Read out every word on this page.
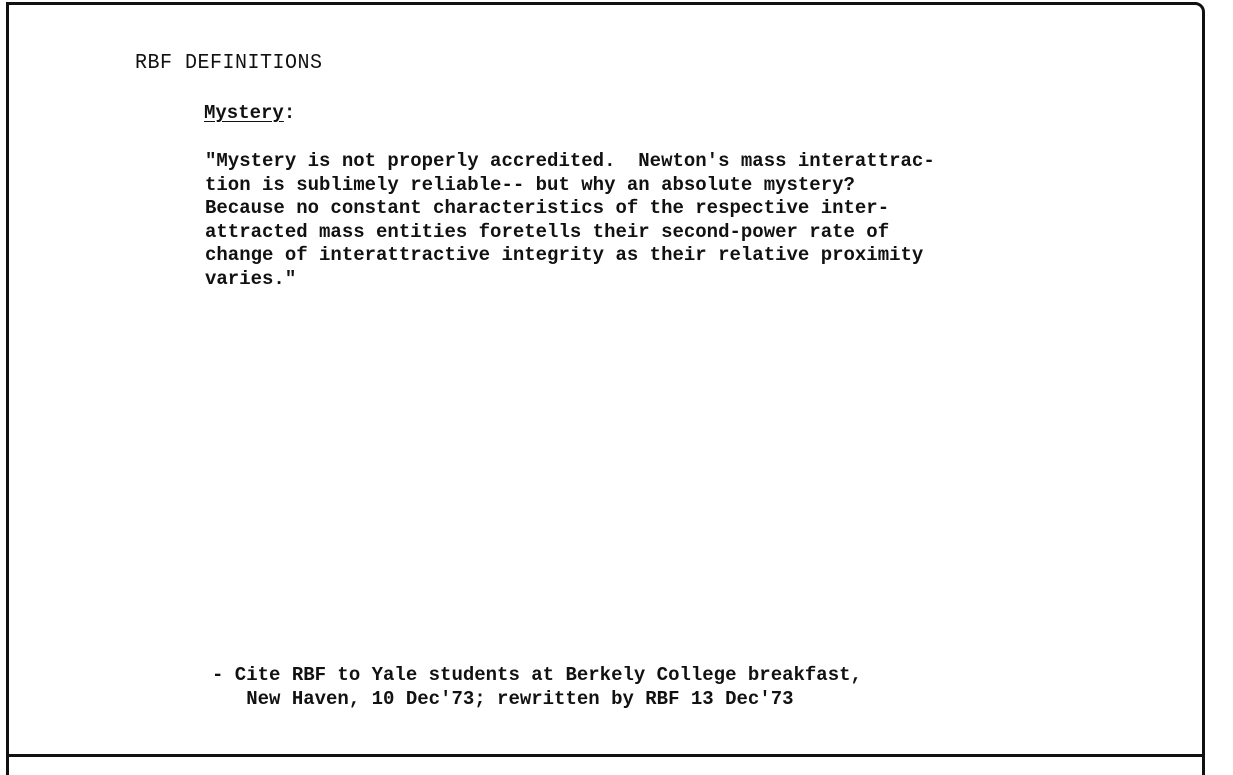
RBF DEFINITIONS
Mystery:
"Mystery is not properly accredited.  Newton's mass interattrac-
tion is sublimely reliable-- but why an absolute mystery?
Because no constant characteristics of the respective inter-
attracted mass entities foretells their second-power rate of
change of interattractive integrity as their relative proximity
varies."
- Cite RBF to Yale students at Berkely College breakfast,
New Haven, 10 Dec'73; rewritten by RBF 13 Dec'73
